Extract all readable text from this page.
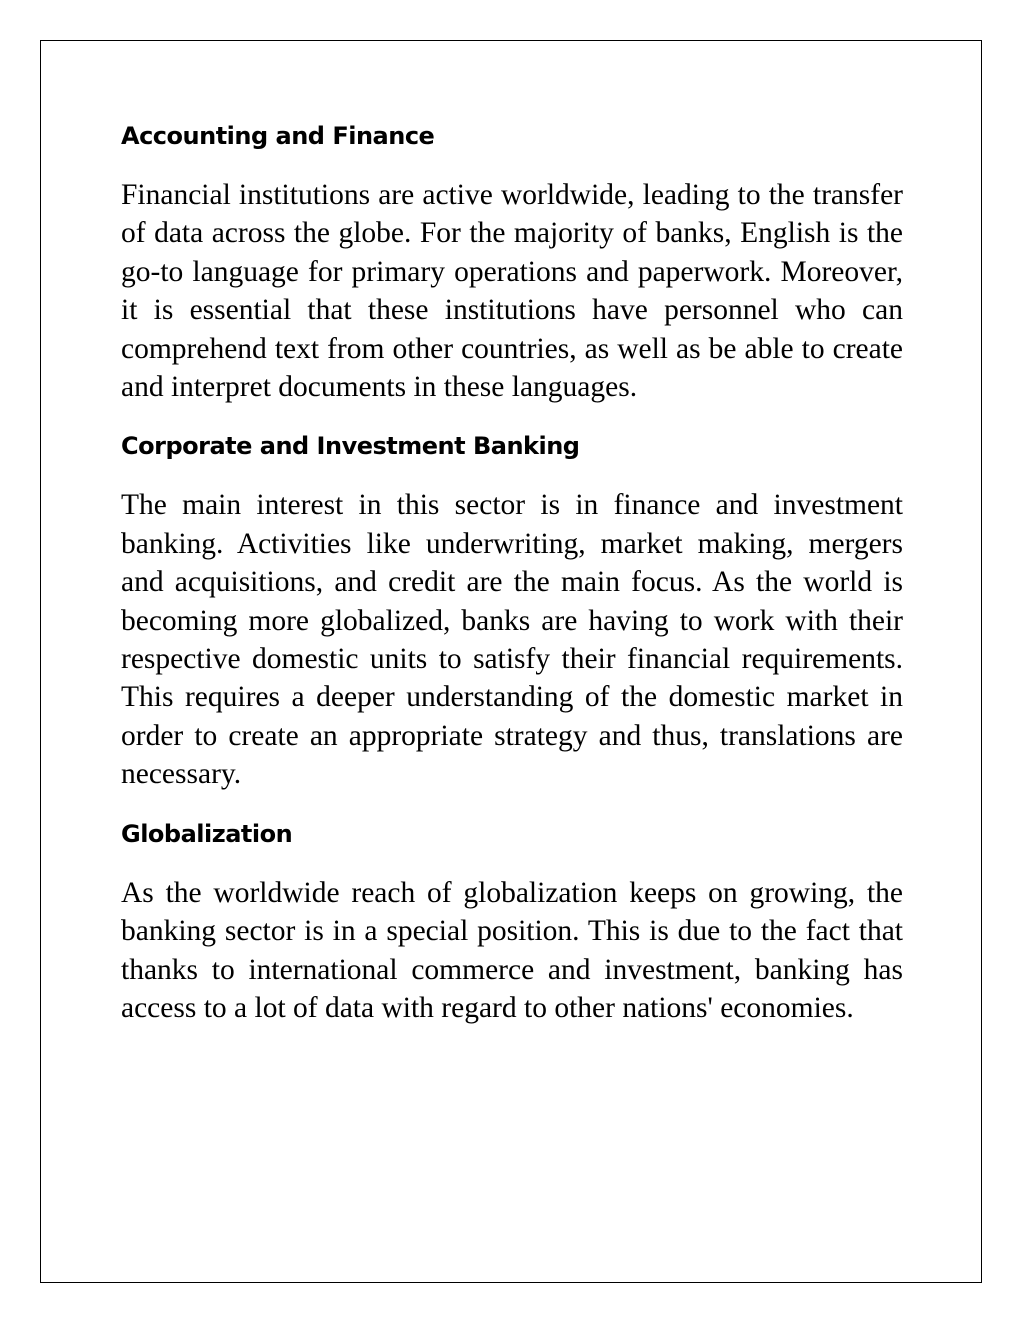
Accounting and Finance

Financial institutions are active worldwide, leading to the transfer of data across the globe. For the majority of banks, English is the go-to language for primary operations and paperwork. Moreover, it is essential that these institutions have personnel who can comprehend text from other countries, as well as be able to create and interpret documents in these languages.

Corporate and Investment Banking

The main interest in this sector is in finance and investment banking. Activities like underwriting, market making, mergers and acquisitions, and credit are the main focus. As the world is becoming more globalized, banks are having to work with their respective domestic units to satisfy their financial requirements. This requires a deeper understanding of the domestic market in order to create an appropriate strategy and thus, translations are necessary.

Globalization

As the worldwide reach of globalization keeps on growing, the banking sector is in a special position. This is due to the fact that thanks to international commerce and investment, banking has access to a lot of data with regard to other nations' economies.
